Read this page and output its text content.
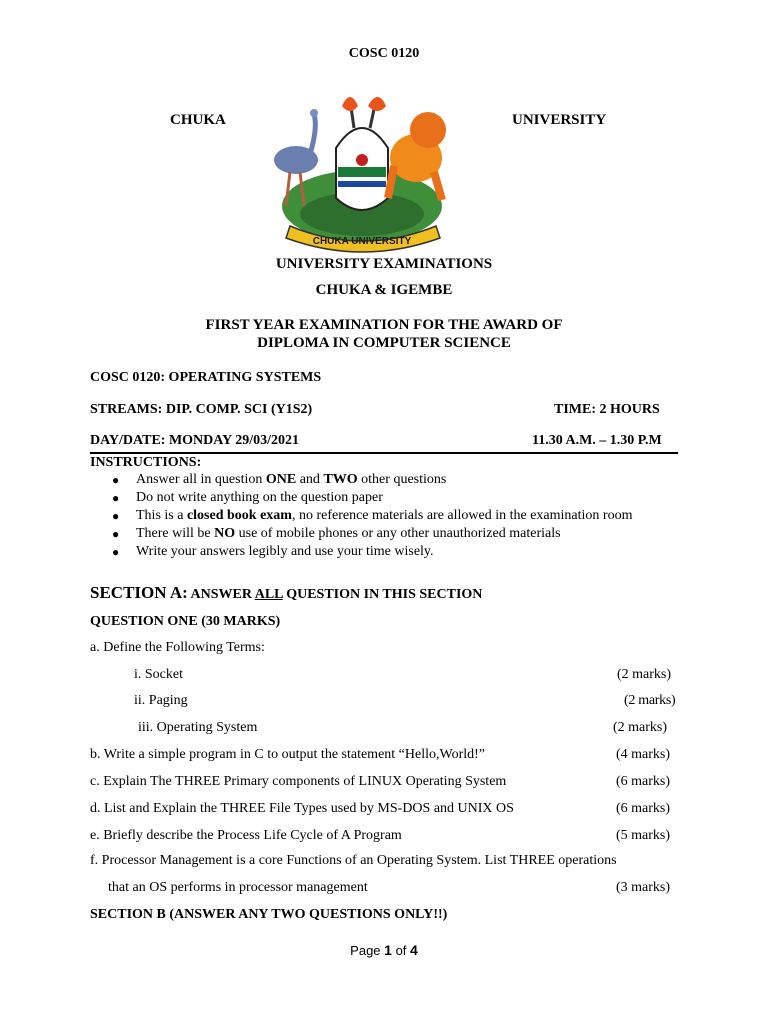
COSC 0120
CHUKA	UNIVERSITY
CHUKA UNIVERSITY
UNIVERSITY EXAMINATIONS
CHUKA & IGEMBE
FIRST YEAR EXAMINATION FOR THE AWARD OF
DIPLOMA IN COMPUTER SCIENCE
COSC 0120: OPERATING SYSTEMS
STREAMS: DIP. COMP. SCI (Y1S2)	TIME: 2 HOURS
DAY/DATE: MONDAY 29/03/2021	11.30 A.M. – 1.30 P.M
INSTRUCTIONS:
● Answer all in question ONE and TWO other questions
● Do not write anything on the question paper
● This is a closed book exam, no reference materials are allowed in the examination room
● There will be NO use of mobile phones or any other unauthorized materials
● Write your answers legibly and use your time wisely.
SECTION A: ANSWER ALL QUESTION IN THIS SECTION
QUESTION ONE (30 MARKS)
a. Define the Following Terms:
i. Socket	(2 marks)
ii. Paging	(2 marks)
iii. Operating System	(2 marks)
b. Write a simple program in C to output the statement “Hello,World!”	(4 marks)
c. Explain The THREE Primary components of LINUX Operating System	(6 marks)
d. List and Explain the THREE File Types used by MS-DOS and UNIX OS	(6 marks)
e. Briefly describe the Process Life Cycle of A Program	(5 marks)
f. Processor Management is a core Functions of an Operating System. List THREE operations
that an OS performs in processor management	(3 marks)
SECTION B (ANSWER ANY TWO QUESTIONS ONLY!!)
Page 1 of 4
